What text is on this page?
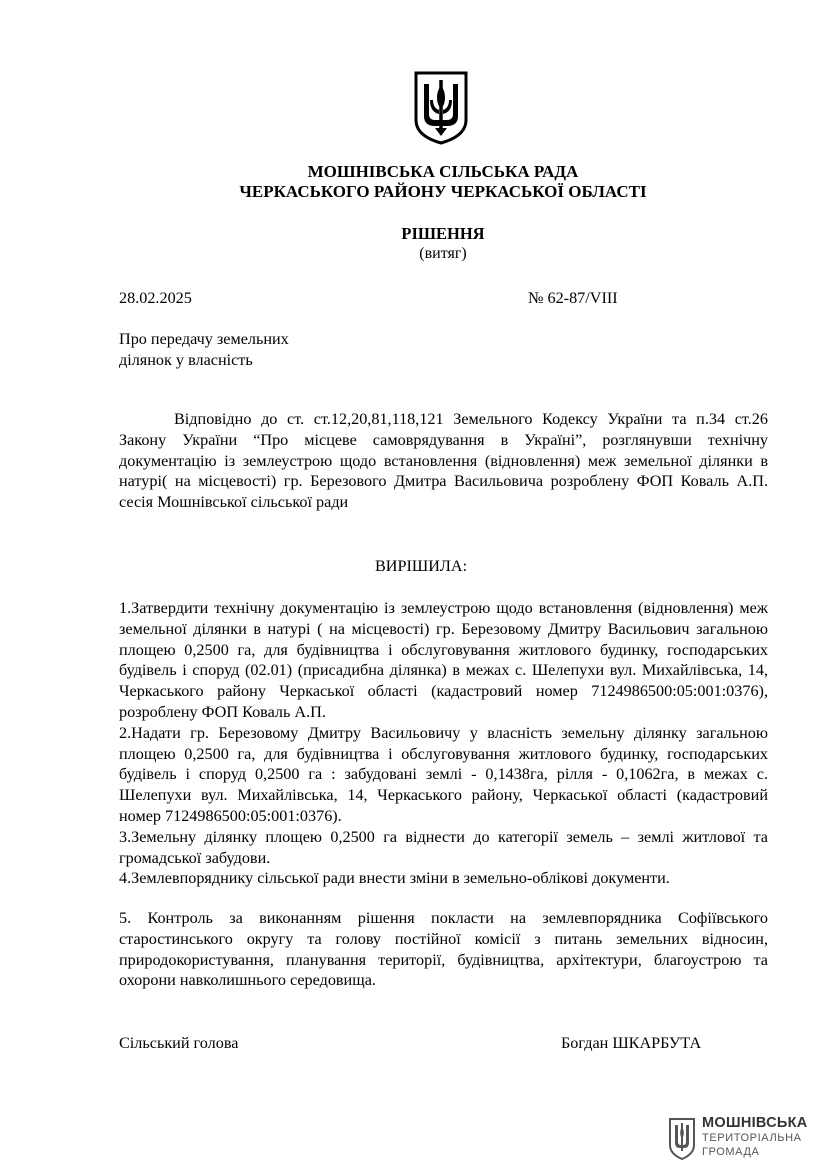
МОШНІВСЬКА СІЛЬСЬКА РАДА
ЧЕРКАСЬКОГО РАЙОНУ ЧЕРКАСЬКОЇ ОБЛАСТІ
РІШЕННЯ
(витяг)
28.02.2025	№ 62-87/VIII
Про передачу земельних
ділянок у власність
Відповідно до ст. ст.12,20,81,118,121 Земельного Кодексу України та п.34 ст.26 Закону України “Про місцеве самоврядування в Україні”, розглянувши технічну документацію із землеустрою щодо встановлення (відновлення) меж земельної ділянки в натурі( на місцевості) гр. Березового Дмитра Васильовича розроблену ФОП Коваль А.П. сесія Мошнівської сільської ради
ВИРІШИЛА:
1.Затвердити технічну документацію із землеустрою щодо встановлення (відновлення) меж земельної ділянки в натурі ( на місцевості) гр. Березовому Дмитру Васильович загальною площею 0,2500 га, для будівництва і обслуговування житлового будинку, господарських будівель і споруд (02.01) (присадибна ділянка) в межах с. Шелепухи вул. Михайлівська, 14, Черкаського району Черкаської області (кадастровий номер 7124986500:05:001:0376), розроблену ФОП Коваль А.П.
2.Надати гр. Березовому Дмитру Васильовичу у власність земельну ділянку загальною площею 0,2500 га, для будівництва і обслуговування житлового будинку, господарських будівель і споруд 0,2500 га : забудовані землі - 0,1438га, рілля - 0,1062га, в межах с. Шелепухи вул. Михайлівська, 14, Черкаського району, Черкаської області (кадастровий номер 7124986500:05:001:0376).
3.Земельну ділянку площею 0,2500 га віднести до категорії земель – землі житлової та громадської забудови.
4.Землевпоряднику сільської ради внести зміни в земельно-облікові документи.
5. Контроль за виконанням рішення покласти на землевпорядника Софіївського старостинського округу та голову постійної комісії з питань земельних відносин, природокористування, планування території, будівництва, архітектури, благоустрою та охорони навколишнього середовища.
Сільський голова	Богдан ШКАРБУТА
МОШНІВСЬКА
ТЕРИТОРІАЛЬНА
ГРОМАДА
